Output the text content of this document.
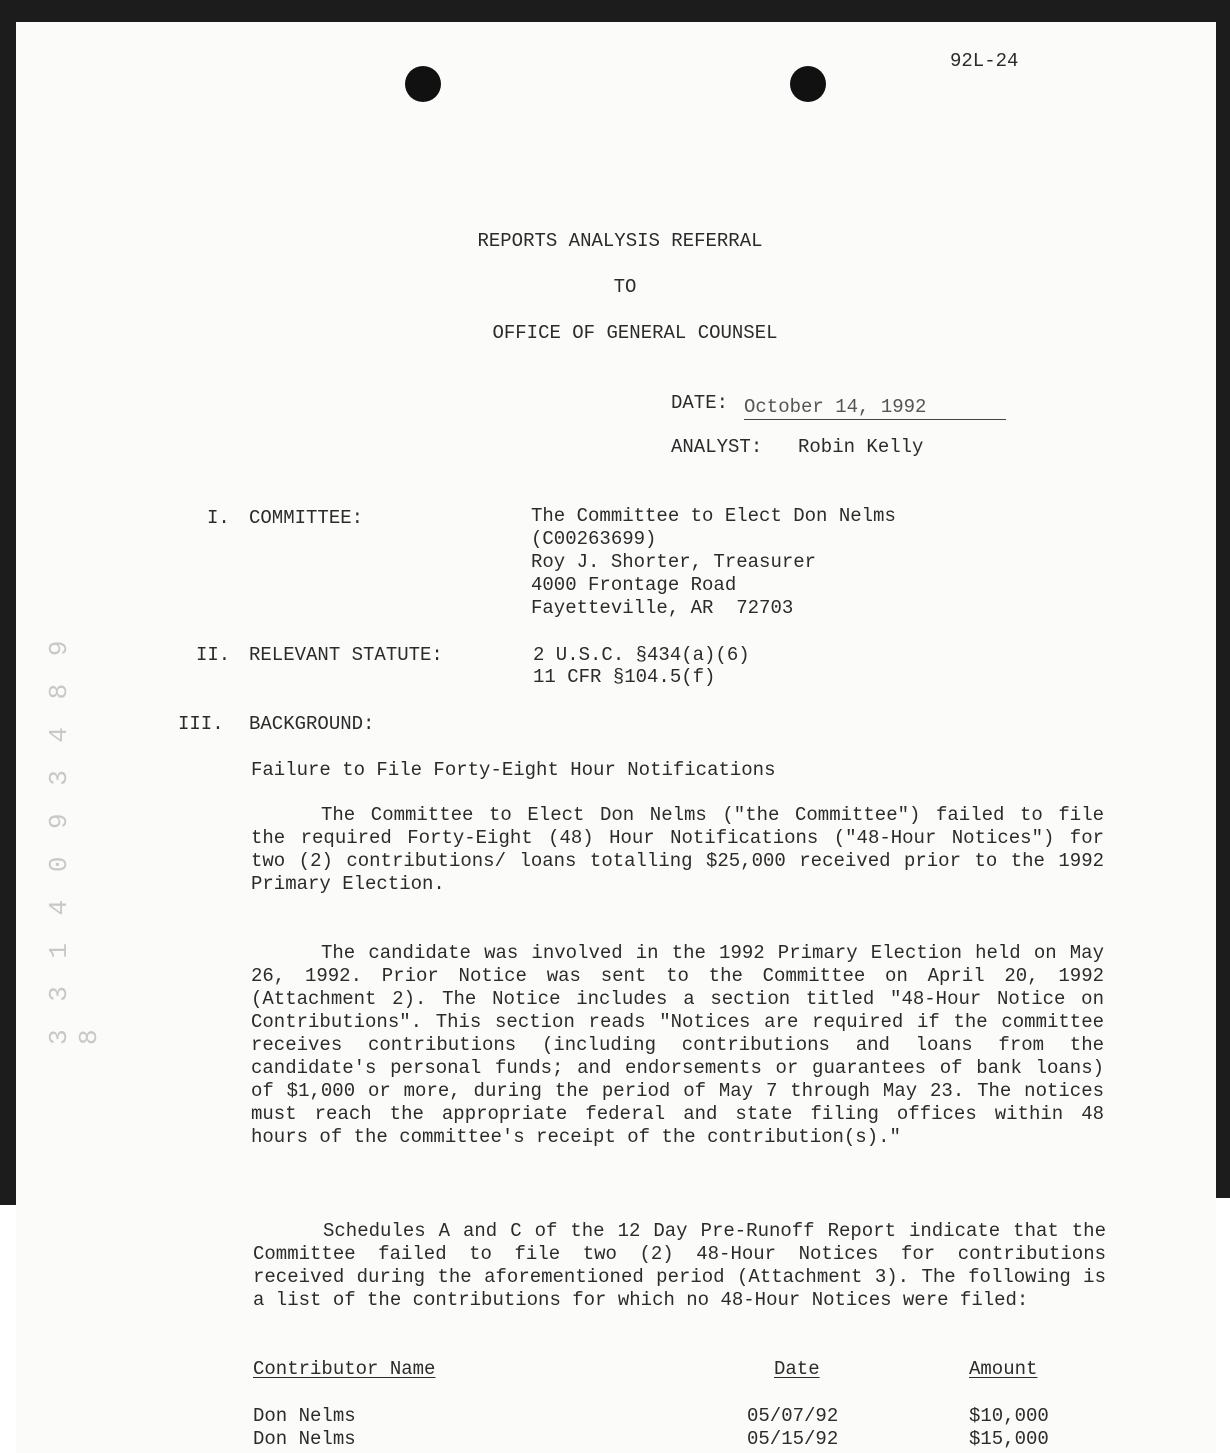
92L-24
REPORTS ANALYSIS REFERRAL
TO
OFFICE OF GENERAL COUNSEL
DATE: October 14, 1992
ANALYST: Robin Kelly
I. COMMITTEE:	The Committee to Elect Don Nelms
(C00263699)
Roy J. Shorter, Treasurer
4000 Frontage Road
Fayetteville, AR  72703
II. RELEVANT STATUTE:	2 U.S.C. §434(a)(6)
11 CFR §104.5(f)
III. BACKGROUND:
Failure to File Forty-Eight Hour Notifications
The Committee to Elect Don Nelms ("the Committee") failed to file the required Forty-Eight (48) Hour Notifications ("48-Hour Notices") for two (2) contributions/ loans totalling $25,000 received prior to the 1992 Primary Election.
The candidate was involved in the 1992 Primary Election held on May 26, 1992. Prior Notice was sent to the Committee on April 20, 1992 (Attachment 2). The Notice includes a section titled "48-Hour Notice on Contributions". This section reads "Notices are required if the committee receives contributions (including contributions and loans from the candidate's personal funds; and endorsements or guarantees of bank loans) of $1,000 or more, during the period of May 7 through May 23. The notices must reach the appropriate federal and state filing offices within 48 hours of the committee's receipt of the contribution(s)."
Schedules A and C of the 12 Day Pre-Runoff Report indicate that the Committee failed to file two (2) 48-Hour Notices for contributions received during the aforementioned period (Attachment 3). The following is a list of the contributions for which no 48-Hour Notices were filed:
Contributor Name	Date	Amount
Don Nelms	05/07/92	$10,000
Don Nelms	05/15/92	$15,000
3 3 1 4 0 9 3 4 8 9 8
